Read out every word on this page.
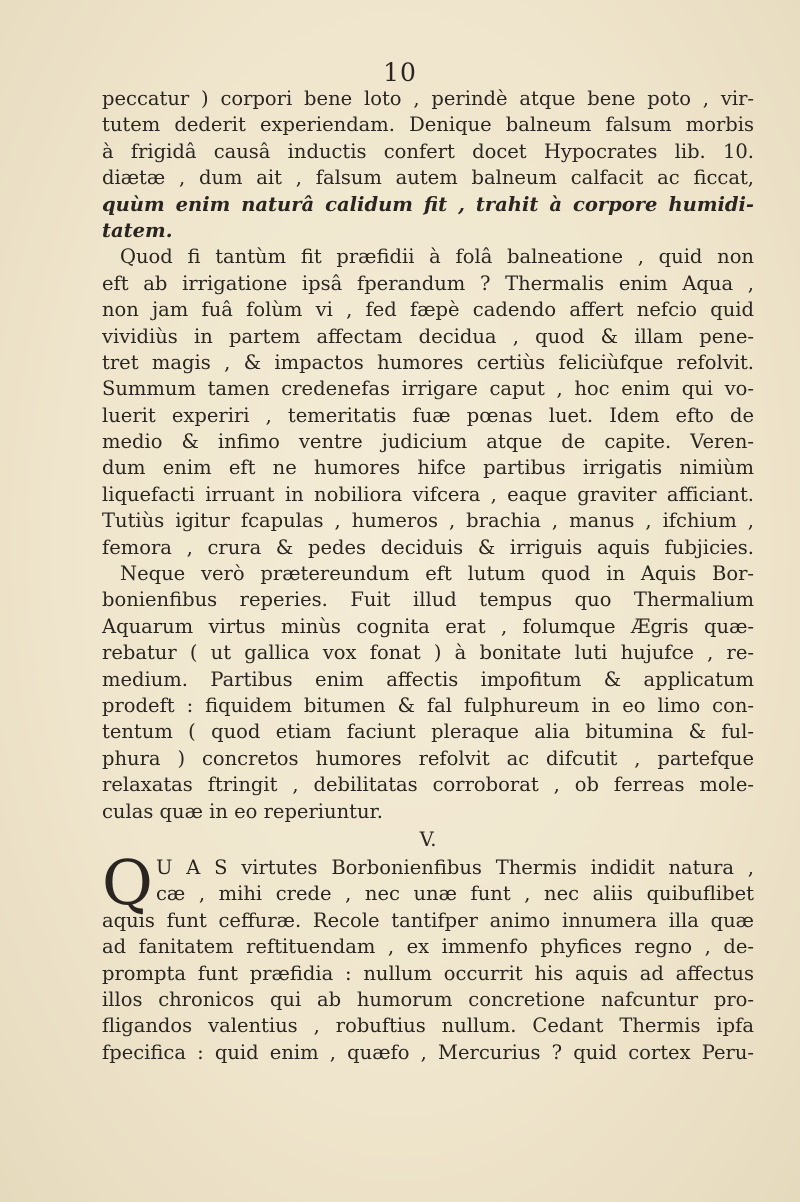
10
peccatur ) corpori bene loto , perindè atque bene poto , vir-
tutem dederit experiendam. Denique balneum falsum morbis
à frigidâ causâ inductis confert docet Hypocrates lib. 10.
diætæ , dum ait , falsum autem balneum calfacit ac ficcat,
quùm enim naturâ calidum fit , trahit à corpore humidi-
tatem.
Quod fi tantùm fit præfidii à folâ balneatione , quid non
eft ab irrigatione ipsâ fperandum ? Thermalis enim Aqua ,
non jam fuâ folùm vi , fed fæpè cadendo affert nefcio quid
vividiùs in partem affectam decidua , quod & illam pene-
tret magis , & impactos humores certiùs feliciùfque refolvit.
Summum tamen credenefas irrigare caput , hoc enim qui vo-
luerit experiri , temeritatis fuæ pœnas luet. Idem efto de
medio & infimo ventre judicium atque de capite. Veren-
dum enim eft ne humores hifce partibus irrigatis nimiùm
liquefacti irruant in nobiliora vifcera , eaque graviter afficiant.
Tutiùs igitur fcapulas , humeros , brachia , manus , ifchium ,
femora , crura & pedes deciduis & irriguis aquis fubjicies.
Neque verò prætereundum eft lutum quod in Aquis Bor-
bonienfibus reperies. Fuit illud tempus quo Thermalium
Aquarum virtus minùs cognita erat , folumque Ægris quæ-
rebatur ( ut gallica vox fonat ) à bonitate luti hujufce , re-
medium. Partibus enim affectis impofitum & applicatum
prodeft : fiquidem bitumen & fal fulphureum in eo limo con-
tentum ( quod etiam faciunt pleraque alia bitumina & ful-
phura ) concretos humores refolvit ac difcutit , partefque
relaxatas ftringit , debilitatas corroborat , ob ferreas mole-
culas quæ in eo reperiuntur.
V.
Q U A S virtutes Borbonienfibus Thermis indidit natura ,
cæ , mihi crede , nec unæ funt , nec aliis quibuflibet
aquis funt ceffuræ. Recole tantifper animo innumera illa quæ
ad fanitatem reftituendam , ex immenfo phyfices regno , de-
prompta funt præfidia : nullum occurrit his aquis ad affectus
illos chronicos qui ab humorum concretione nafcuntur pro-
fligandos valentius , robuftius nullum. Cedant Thermis ipfa
fpecifica : quid enim , quæfo , Mercurius ? quid cortex Peru-
